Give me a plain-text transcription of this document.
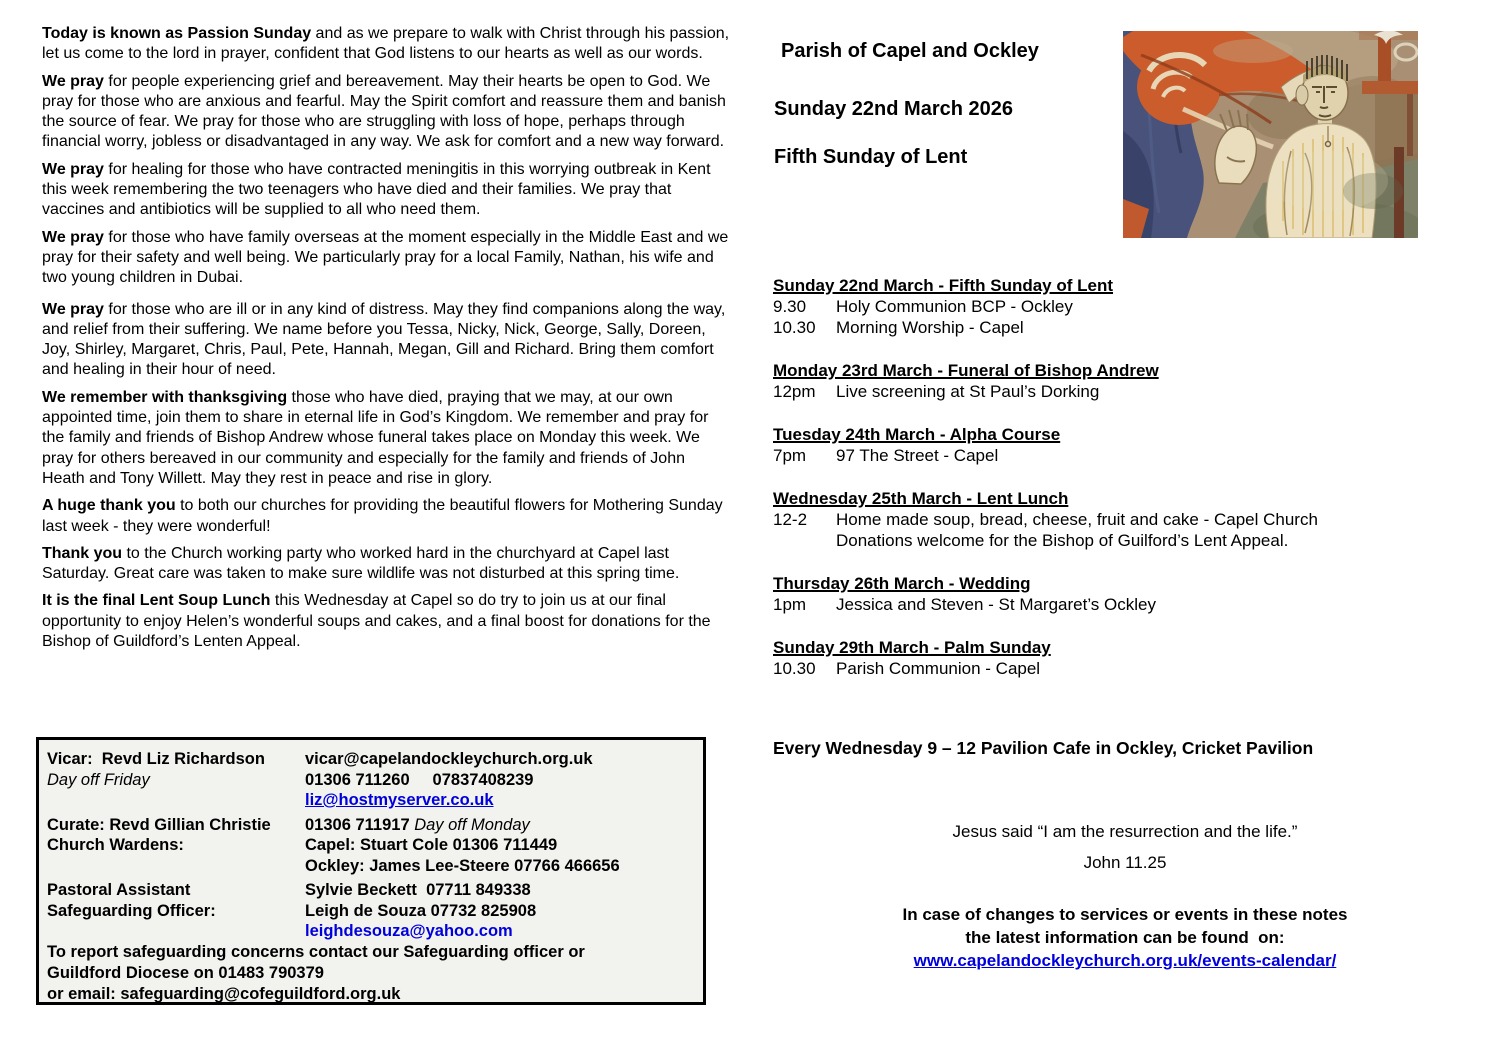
Today is known as Passion Sunday and as we prepare to walk with Christ through his passion, let us come to the lord in prayer, confident that God listens to our hearts as well as our words.

We pray for people experiencing grief and bereavement. May their hearts be open to God. We pray for those who are anxious and fearful. May the Spirit comfort and reassure them and banish the source of fear. We pray for those who are struggling with loss of hope, perhaps through financial worry, jobless or disadvantaged in any way. We ask for comfort and a new way forward.

We pray for healing for those who have contracted meningitis in this worrying outbreak in Kent this week remembering the two teenagers who have died and their families. We pray that vaccines and antibiotics will be supplied to all who need them.

We pray for those who have family overseas at the moment especially in the Middle East and we pray for their safety and well being. We particularly pray for a local Family, Nathan, his wife and two young children in Dubai.

We pray for those who are ill or in any kind of distress. May they find companions along the way, and relief from their suffering. We name before you Tessa, Nicky, Nick, George, Sally, Doreen, Joy, Shirley, Margaret, Chris, Paul, Pete, Hannah, Megan, Gill and Richard. Bring them comfort and healing in their hour of need.

We remember with thanksgiving those who have died, praying that we may, at our own appointed time, join them to share in eternal life in God’s Kingdom. We remember and pray for the family and friends of Bishop Andrew whose funeral takes place on Monday this week. We pray for others bereaved in our community and especially for the family and friends of John Heath and Tony Willett. May they rest in peace and rise in glory.

A huge thank you to both our churches for providing the beautiful flowers for Mothering Sunday last week - they were wonderful!

Thank you to the Church working party who worked hard in the churchyard at Capel last Saturday. Great care was taken to make sure wildlife was not disturbed at this spring time.

It is the final Lent Soup Lunch this Wednesday at Capel so do try to join us at our final opportunity to enjoy Helen’s wonderful soups and cakes, and a final boost for donations for the Bishop of Guildford’s Lenten Appeal.

Vicar:  Revd Liz Richardson	vicar@capelandockleychurch.org.uk
Day off Friday	01306 711260     07837408239
liz@hostmyserver.co.uk
Curate: Revd Gillian Christie	01306 711917 Day off Monday
Church Wardens:	Capel: Stuart Cole 01306 711449
Ockley: James Lee-Steere 07766 466656
Pastoral Assistant	Sylvie Beckett  07711 849338
Safeguarding Officer:	Leigh de Souza 07732 825908
leighdesouza@yahoo.com
To report safeguarding concerns contact our Safeguarding officer or
Guildford Diocese on 01483 790379
or email: safeguarding@cofeguildford.org.uk
Parish of Capel and Ockley
Sunday 22nd March 2026
Fifth Sunday of Lent
Sunday 22nd March - Fifth Sunday of Lent
9.30	Holy Communion BCP - Ockley
10.30	Morning Worship - Capel
Monday 23rd March - Funeral of Bishop Andrew
12pm	Live screening at St Paul’s Dorking
Tuesday 24th March - Alpha Course
7pm	97 The Street - Capel
Wednesday 25th March - Lent Lunch
12-2	Home made soup, bread, cheese, fruit and cake - Capel Church
Donations welcome for the Bishop of Guilford’s Lent Appeal.
Thursday 26th March - Wedding
1pm	Jessica and Steven - St Margaret’s Ockley
Sunday 29th March - Palm Sunday
10.30	Parish Communion - Capel
Every Wednesday 9 – 12 Pavilion Cafe in Ockley, Cricket Pavilion
Jesus said “I am the resurrection and the life.”
John 11.25
In case of changes to services or events in these notes
the latest information can be found  on:
www.capelandockleychurch.org.uk/events-calendar/
